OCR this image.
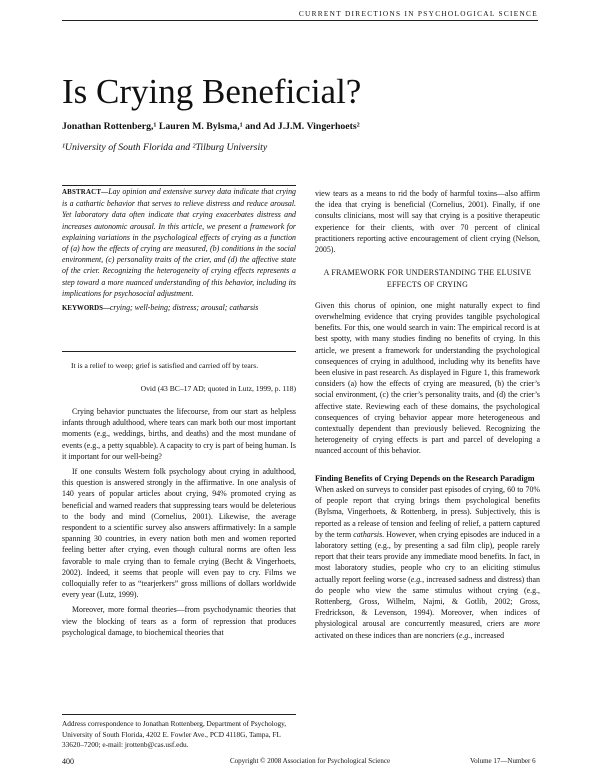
CURRENT DIRECTIONS IN PSYCHOLOGICAL SCIENCE
Is Crying Beneficial?
Jonathan Rottenberg,¹ Lauren M. Bylsma,¹ and Ad J.J.M. Vingerhoets²
¹University of South Florida and ²Tilburg University

ABSTRACT—Lay opinion and extensive survey data indicate that crying is a cathartic behavior that serves to relieve distress and reduce arousal. Yet laboratory data often indicate that crying exacerbates distress and increases autonomic arousal. In this article, we present a framework for explaining variations in the psychological effects of crying as a function of (a) how the effects of crying are measured, (b) conditions in the social environment, (c) personality traits of the crier, and (d) the affective state of the crier. Recognizing the heterogeneity of crying effects represents a step toward a more nuanced understanding of this behavior, including its implications for psychosocial adjustment.

KEYWORDS—crying; well-being; distress; arousal; catharsis

It is a relief to weep; grief is satisfied and carried off by tears.

Ovid (43 BC–17 AD; quoted in Lutz, 1999, p. 118)

Crying behavior punctuates the lifecourse, from our start as helpless infants through adulthood, where tears can mark both our most important moments (e.g., weddings, births, and deaths) and the most mundane of events (e.g., a petty squabble). A capacity to cry is part of being human. Is it important for our well-being?

If one consults Western folk psychology about crying in adulthood, this question is answered strongly in the affirmative. In one analysis of 140 years of popular articles about crying, 94% promoted crying as beneficial and warned readers that suppressing tears would be deleterious to the body and mind (Cornelius, 2001). Likewise, the average respondent to a scientific survey also answers affirmatively: In a sample spanning 30 countries, in every nation both men and women reported feeling better after crying, even though cultural norms are often less favorable to male crying than to female crying (Becht & Vingerhoets, 2002). Indeed, it seems that people will even pay to cry. Films we colloquially refer to as “tearjerkers” gross millions of dollars worldwide every year (Lutz, 1999).

Moreover, more formal theories—from psychodynamic theories that view the blocking of tears as a form of repression that produces psychological damage, to biochemical theories that

Address correspondence to Jonathan Rottenberg, Department of Psychology, University of South Florida, 4202 E. Fowler Ave., PCD 4118G, Tampa, FL 33620–7200; e-mail: jrottenb@cas.usf.edu.

view tears as a means to rid the body of harmful toxins—also affirm the idea that crying is beneficial (Cornelius, 2001). Finally, if one consults clinicians, most will say that crying is a positive therapeutic experience for their clients, with over 70 percent of clinical practitioners reporting active encouragement of client crying (Nelson, 2005).

A FRAMEWORK FOR UNDERSTANDING THE ELUSIVE EFFECTS OF CRYING

Given this chorus of opinion, one might naturally expect to find overwhelming evidence that crying provides tangible psychological benefits. For this, one would search in vain: The empirical record is at best spotty, with many studies finding no benefits of crying. In this article, we present a framework for understanding the psychological consequences of crying in adulthood, including why its benefits have been elusive in past research. As displayed in Figure 1, this framework considers (a) how the effects of crying are measured, (b) the crier’s social environment, (c) the crier’s personality traits, and (d) the crier’s affective state. Reviewing each of these domains, the psychological consequences of crying behavior appear more heterogeneous and contextually dependent than previously believed. Recognizing the heterogeneity of crying effects is part and parcel of developing a nuanced account of this behavior.

Finding Benefits of Crying Depends on the Research Paradigm

When asked on surveys to consider past episodes of crying, 60 to 70% of people report that crying brings them psychological benefits (Bylsma, Vingerhoets, & Rottenberg, in press). Subjectively, this is reported as a release of tension and feeling of relief, a pattern captured by the term catharsis. However, when crying episodes are induced in a laboratory setting (e.g., by presenting a sad film clip), people rarely report that their tears provide any immediate mood benefits. In fact, in most laboratory studies, people who cry to an eliciting stimulus actually report feeling worse (e.g., increased sadness and distress) than do people who view the same stimulus without crying (e.g., Rottenberg, Gross, Wilhelm, Najmi, & Gotlib, 2002; Gross, Fredrickson, & Levenson, 1994). Moreover, when indices of physiological arousal are concurrently measured, criers are more activated on these indices than are noncriers (e.g., increased

400	Copyright © 2008 Association for Psychological Science	Volume 17—Number 6
